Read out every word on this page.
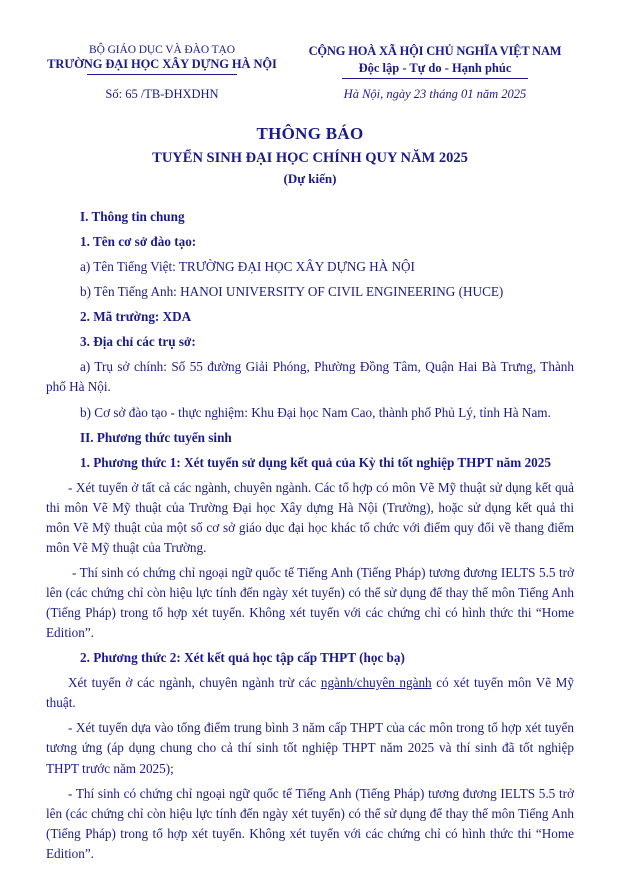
BỘ GIÁO DỤC VÀ ĐÀO TẠO
TRƯỜNG ĐẠI HỌC XÂY DỰNG HÀ NỘI
CỘNG HOÀ XÃ HỘI CHỦ NGHĨA VIỆT NAM
Độc lập - Tự do - Hạnh phúc
Số: 65 /TB-ĐHXDHN	Hà Nội, ngày 23 tháng 01 năm 2025
THÔNG BÁO
TUYỂN SINH ĐẠI HỌC CHÍNH QUY NĂM 2025
(Dự kiến)

I. Thông tin chung

1. Tên cơ sở đào tạo:

a) Tên Tiếng Việt: TRƯỜNG ĐẠI HỌC XÂY DỰNG HÀ NỘI

b) Tên Tiếng Anh: HANOI UNIVERSITY OF CIVIL ENGINEERING (HUCE)

2. Mã trường: XDA

3. Địa chỉ các trụ sở:

a) Trụ sở chính: Số 55 đường Giải Phóng, Phường Đồng Tâm, Quận Hai Bà Trưng, Thành phố Hà Nội.

b) Cơ sở đào tạo - thực nghiệm: Khu Đại học Nam Cao, thành phố Phủ Lý, tỉnh Hà Nam.

II. Phương thức tuyển sinh

1. Phương thức 1: Xét tuyển sử dụng kết quả của Kỳ thi tốt nghiệp THPT năm 2025

- Xét tuyển ở tất cả các ngành, chuyên ngành. Các tổ hợp có môn Vẽ Mỹ thuật sử dụng kết quả thi môn Vẽ Mỹ thuật của Trường Đại học Xây dựng Hà Nội (Trường), hoặc sử dụng kết quả thi môn Vẽ Mỹ thuật của một số cơ sở giáo dục đại học khác tổ chức với điểm quy đổi về thang điểm môn Vẽ Mỹ thuật của Trường.

- Thí sinh có chứng chỉ ngoại ngữ quốc tế Tiếng Anh (Tiếng Pháp) tương đương IELTS 5.5 trở lên (các chứng chỉ còn hiệu lực tính đến ngày xét tuyển) có thể sử dụng để thay thế môn Tiếng Anh (Tiếng Pháp) trong tổ hợp xét tuyển. Không xét tuyển với các chứng chỉ có hình thức thi “Home Edition”.

2. Phương thức 2: Xét kết quả học tập cấp THPT (học bạ)

Xét tuyển ở các ngành, chuyên ngành trừ các ngành/chuyên ngành có xét tuyển môn Vẽ Mỹ thuật.

- Xét tuyển dựa vào tổng điểm trung bình 3 năm cấp THPT của các môn trong tổ hợp xét tuyển tương ứng (áp dụng chung cho cả thí sinh tốt nghiệp THPT năm 2025 và thí sinh đã tốt nghiệp THPT trước năm 2025);

- Thí sinh có chứng chỉ ngoại ngữ quốc tế Tiếng Anh (Tiếng Pháp) tương đương IELTS 5.5 trở lên (các chứng chỉ còn hiệu lực tính đến ngày xét tuyển) có thể sử dụng để thay thế môn Tiếng Anh (Tiếng Pháp) trong tổ hợp xét tuyển. Không xét tuyển với các chứng chỉ có hình thức thi “Home Edition”.
